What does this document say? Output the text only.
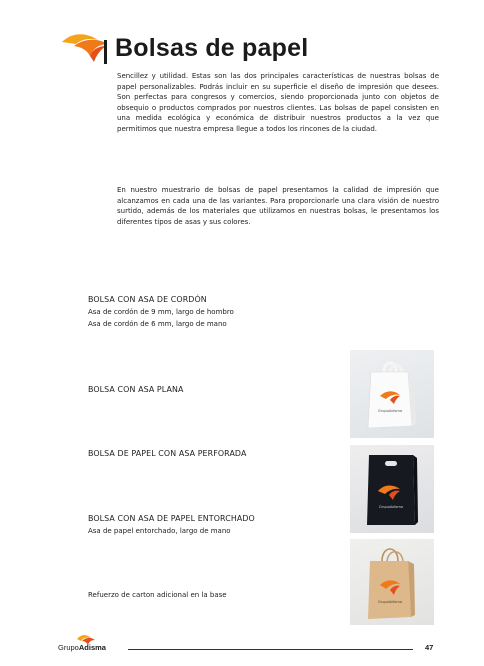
Bolsas de papel

Sencillez y utilidad. Estas son las dos principales características de nuestras bolsas de papel personalizables. Podrás incluir en su superficie el diseño de impresión que desees. Son perfectas para congresos y comercios, siendo proporcionada junto con objetos de obsequio o productos comprados por nuestros clientes. Las bolsas de papel consisten en una medida ecológica y económica de distribuir nuestros productos a la vez que permitimos que nuestra empresa llegue a todos los rincones de la ciudad.

En nuestro muestrario de bolsas de papel presentamos la calidad de impresión que alcanzamos en cada una de las variantes. Para proporcionarle una clara visión de nuestro surtido, además de los materiales que utilizamos en nuestras bolsas, le presentamos los diferentes tipos de asas y sus colores.

BOLSA CON ASA DE CORDÓN

Asa de cordón de 9 mm, largo de hombro

Asa de cordón de 6 mm, largo de mano

BOLSA CON ASA PLANA

BOLSA DE PAPEL CON ASA PERFORADA

BOLSA CON ASA DE PAPEL ENTORCHADO

Asa de papel entorchado, largo de mano

Refuerzo de carton adicional en la base

GrupoAdisma
GrupoAdisma
GrupoAdisma
GrupoAdisma	47
